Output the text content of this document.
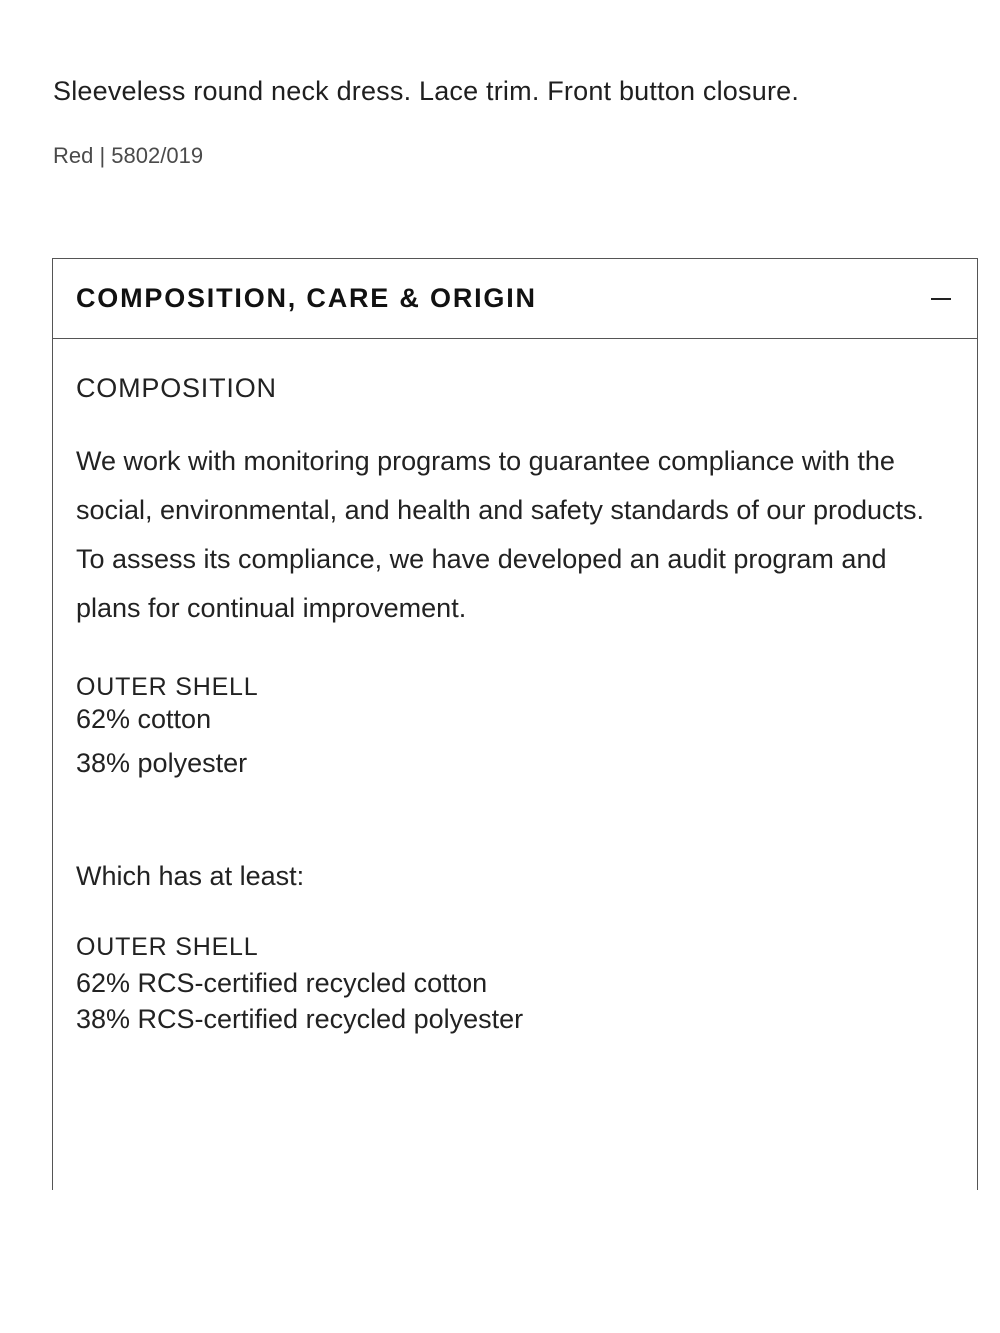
Sleeveless round neck dress. Lace trim. Front button closure.
Red | 5802/019
COMPOSITION, CARE & ORIGIN
COMPOSITION
We work with monitoring programs to guarantee compliance with the social, environmental, and health and safety standards of our products. To assess its compliance, we have developed an audit program and plans for continual improvement.
OUTER SHELL
62% cotton
38% polyester
Which has at least:
OUTER SHELL
62% RCS-certified recycled cotton
38% RCS-certified recycled polyester
